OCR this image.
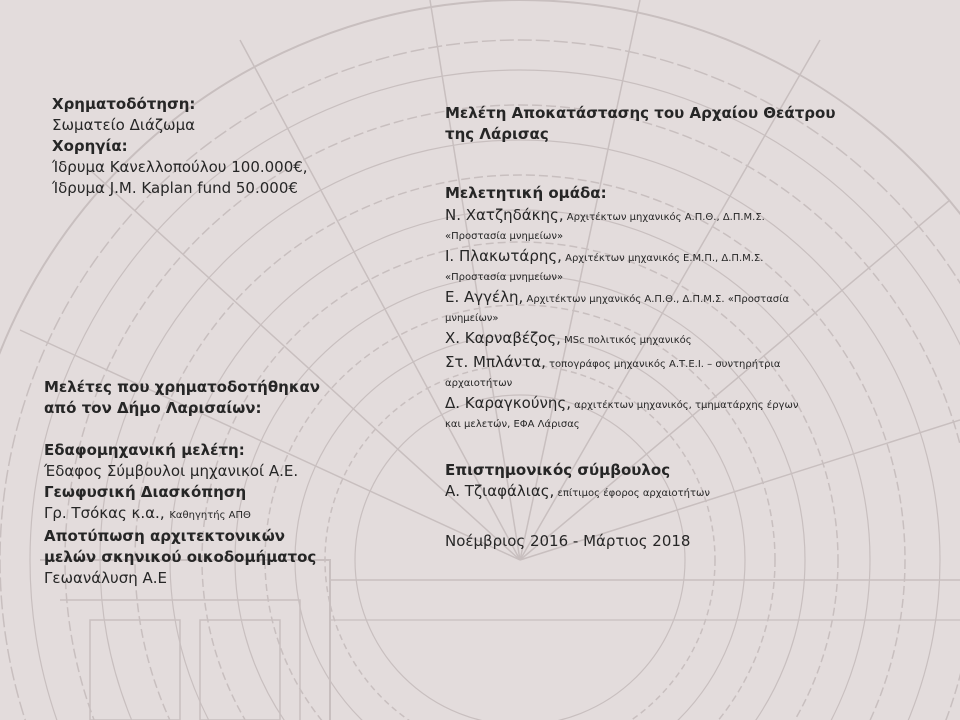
Χρηματοδότηση:
Σωματείο Διάζωμα
Χορηγία:
Ίδρυμα Κανελλοπούλου 100.000€,
Ίδρυμα J.M. Kaplan fund 50.000€
Μελέτες που χρηματοδοτήθηκαν
από τον Δήμο Λαρισαίων:
Εδαφομηχανική μελέτη:
Έδαφος Σύμβουλοι μηχανικοί Α.Ε.
Γεωφυσική Διασκόπηση
Γρ. Τσόκας κ.α., Καθηγητής ΑΠΘ
Αποτύπωση αρχιτεκτονικών
μελών σκηνικού οικοδομήματος
Γεωανάλυση Α.Ε
Μελέτη Αποκατάστασης του Αρχαίου Θεάτρου
της Λάρισας
Μελετητική ομάδα:
Ν. Χατζηδάκης, Αρχιτέκτων μηχανικός Α.Π.Θ., Δ.Π.Μ.Σ.
«Προστασία μνημείων»
Ι. Πλακωτάρης, Αρχιτέκτων μηχανικός Ε.Μ.Π., Δ.Π.Μ.Σ.
«Προστασία μνημείων»
Ε. Αγγέλη, Αρχιτέκτων μηχανικός Α.Π.Θ., Δ.Π.Μ.Σ. «Προστασία
μνημείων»
Χ. Καρναβέζος, MSc πολιτικός μηχανικός
Στ. Μπλάντα, τοπογράφος μηχανικός Α.Τ.Ε.Ι. – συντηρήτρια
αρχαιοτήτων
Δ. Καραγκούνης, αρχιτέκτων μηχανικός, τμηματάρχης έργων
και μελετών, ΕΦΑ Λάρισας
Επιστημονικός σύμβουλος
Α. Τζιαφάλιας, επίτιμος έφορος αρχαιοτήτων
Νοέμβριος 2016 - Μάρτιος 2018
